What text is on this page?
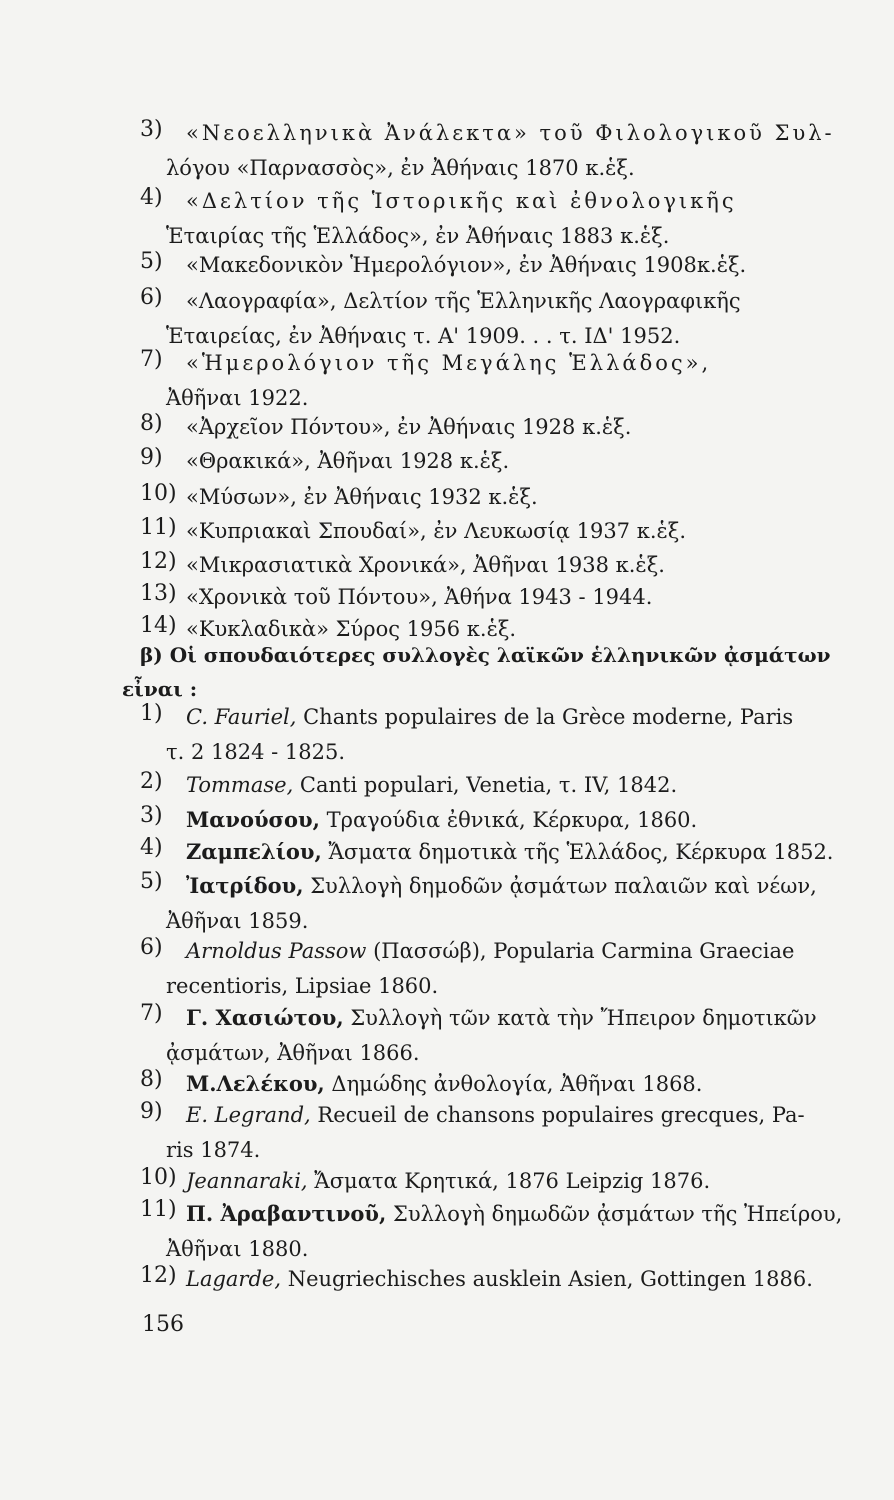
3) «Νεοελληνικὰ Ἀνάλεκτα» τοῦ Φιλολογικοῦ Συλ-
λόγου «Παρνασσὸς», ἐν Ἀθήναις 1870 κ.ἑξ.
4) «Δελτίον τῆς Ἱστορικῆς καὶ ἐθνολογικῆς
Ἑταιρίας τῆς Ἑλλάδος», ἐν Ἀθήναις 1883 κ.ἑξ.
5) «Μακεδονικὸν Ἡμερολόγιον», ἐν Ἀθήναις 1908κ.ἑξ.
6) «Λαογραφία», Δελτίον τῆς Ἑλληνικῆς Λαογραφικῆς
Ἑταιρείας, ἐν Ἀθήναις τ. Α' 1909. . . τ. ΙΔ' 1952.
7) «Ἡμερολόγιον τῆς Μεγάλης Ἑλλάδος»,
Ἀθῆναι 1922.
8) «Ἀρχεῖον Πόντου», ἐν Ἀθήναις 1928 κ.ἑξ.
9) «Θρακικά», Ἀθῆναι 1928 κ.ἑξ.
10) «Μύσων», ἐν Ἀθήναις 1932 κ.ἑξ.
11) «Κυπριακαὶ Σπουδαί», ἐν Λευκωσίᾳ 1937 κ.ἑξ.
12) «Μικρασιατικὰ Χρονικά», Ἀθῆναι 1938 κ.ἑξ.
13) «Χρονικὰ τοῦ Πόντου», Ἀθήνα 1943 - 1944.
14) «Κυκλαδικὰ» Σύρος 1956 κ.ἑξ.
β) Οἱ σπουδαιότερες συλλογὲς λαϊκῶν ἑλληνικῶν ᾀσμάτων
εἶναι :
1) C. Fauriel, Chants populaires de la Grèce moderne, Paris
τ. 2 1824 - 1825.
2) Tommase, Canti populari, Venetia, τ. IV, 1842.
3) Μανούσου, Τραγούδια ἐθνικά, Κέρκυρα, 1860.
4) Ζαμπελίου, Ἄσματα δημοτικὰ τῆς Ἑλλάδος, Κέρκυρα 1852.
5) Ἰατρίδου, Συλλογὴ δημοδῶν ᾀσμάτων παλαιῶν καὶ νέων,
Ἀθῆναι 1859.
6) Arnoldus Passow (Πασσώβ), Popularia Carmina Graeciae
recentioris, Lipsiae 1860.
7) Γ. Χασιώτου, Συλλογὴ τῶν κατὰ τὴν Ἤπειρον δημοτικῶν
ᾀσμάτων, Ἀθῆναι 1866.
8) Μ.Λελέκου, Δημώδης ἀνθολογία, Ἀθῆναι 1868.
9) E. Legrand, Recueil de chansons populaires grecques, Pa-
ris 1874.
10) Jeannaraki, Ἄσματα Κρητικά, 1876 Leipzig 1876.
11) Π. Ἀραβαντινοῦ, Συλλογὴ δημωδῶν ᾀσμάτων τῆς Ἠπείρου,
Ἀθῆναι 1880.
12) Lagarde, Neugriechisches ausklein Asien, Gottingen 1886.
156
